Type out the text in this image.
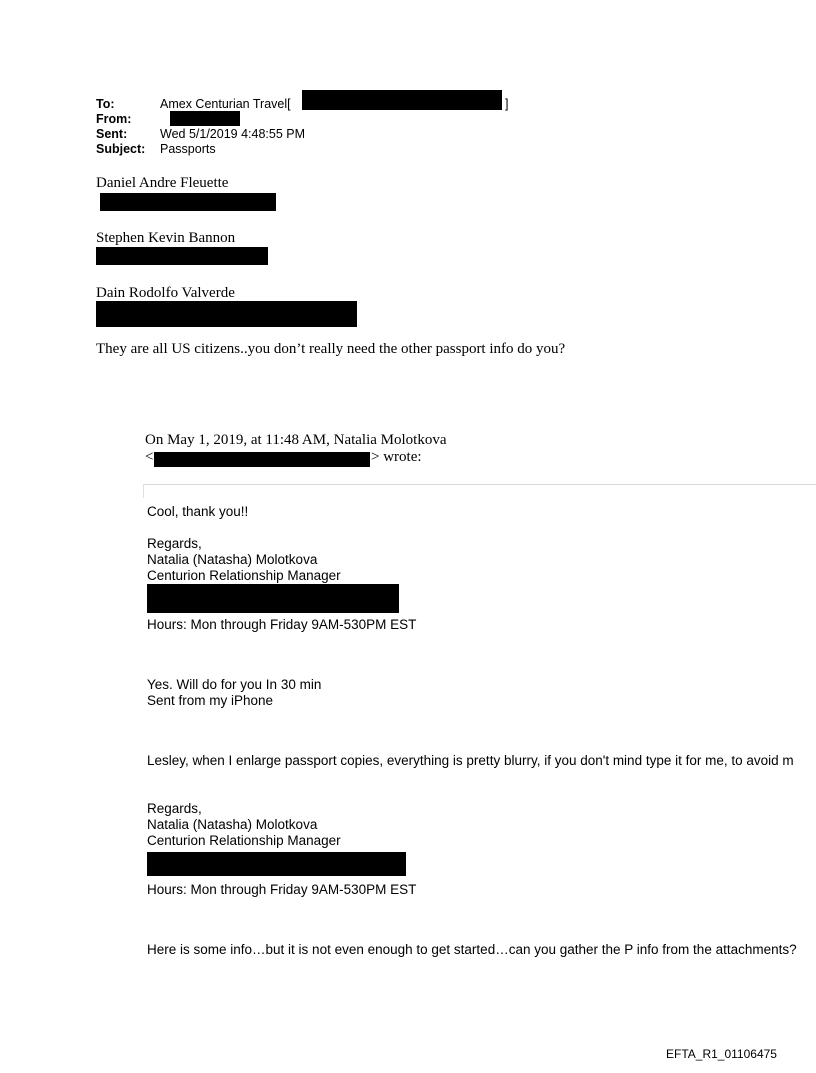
To:	Amex Centurian Travel[	]
From:
Sent:	Wed 5/1/2019 4:48:55 PM
Subject: Passports
Daniel Andre Fleuette
Stephen Kevin Bannon
Dain Rodolfo Valverde
They are all US citizens..you don’t really need the other passport info do you?
On May 1, 2019, at 11:48 AM, Natalia Molotkova
<	> wrote:
Cool, thank you!!
Regards,
Natalia (Natasha) Molotkova
Centurion Relationship Manager
Hours: Mon through Friday 9AM-530PM EST
Yes. Will do for you In 30 min
Sent from my iPhone
Lesley, when I enlarge passport copies, everything is pretty blurry, if you don't mind type it for me, to avoid m
Regards,
Natalia (Natasha) Molotkova
Centurion Relationship Manager
Hours: Mon through Friday 9AM-530PM EST
Here is some info…but it is not even enough to get started…can you gather the P info from the attachments?
EFTA_R1_01106475
